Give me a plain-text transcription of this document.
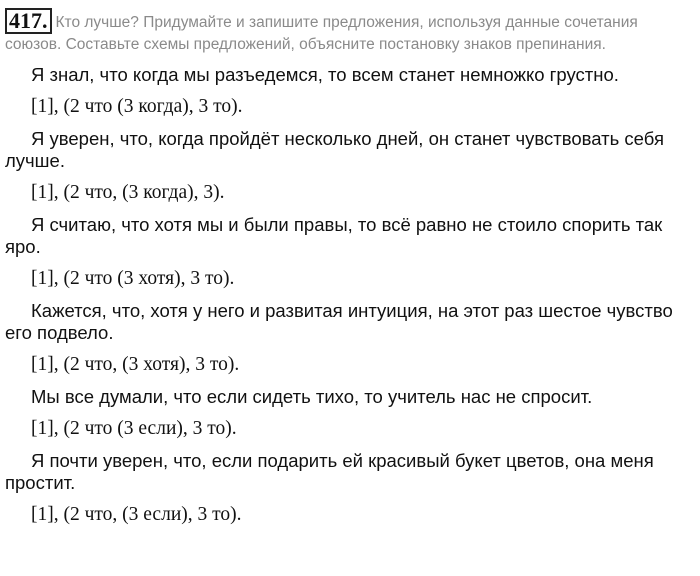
417. Кто лучше? Придумайте и запишите предложения, используя данные сочетания союзов. Составьте схемы предложений, объясните постановку знаков препинания.

Я знал, что когда мы разъедемся, то всем станет немножко грустно.

[1], (2 что (3 когда), 3 то).

Я уверен, что, когда пройдёт несколько дней, он станет чувствовать себя лучше.

[1], (2 что, (3 когда), 3).

Я считаю, что хотя мы и были правы, то всё равно не стоило спорить так яро.

[1], (2 что (3 хотя), 3 то).

Кажется, что, хотя у него и развитая интуиция, на этот раз шестое чувство его подвело.

[1], (2 что, (3 хотя), 3 то).

Мы все думали, что если сидеть тихо, то учитель нас не спросит.

[1], (2 что (3 если), 3 то).

Я почти уверен, что, если подарить ей красивый букет цветов, она меня простит.

[1], (2 что, (3 если), 3 то).
